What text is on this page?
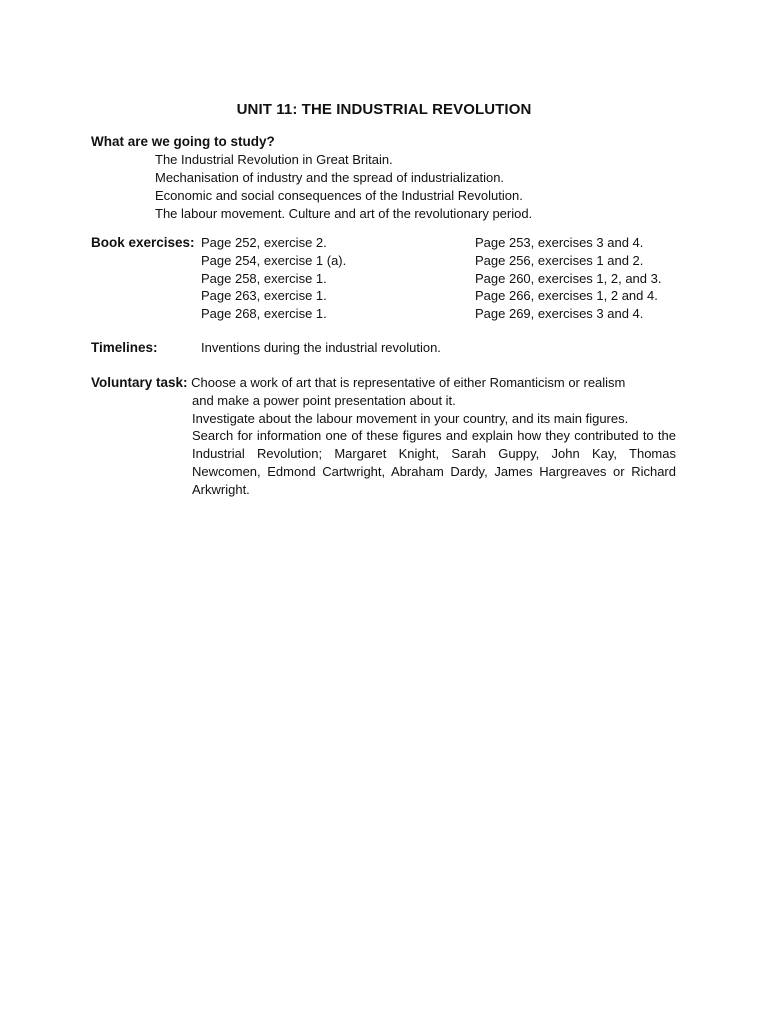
UNIT 11: THE INDUSTRIAL REVOLUTION
What are we going to study?
The Industrial Revolution in Great Britain.
Mechanisation of industry and the spread of industrialization.
Economic and social consequences of the Industrial Revolution.
The labour movement. Culture and art of the revolutionary period.
Book exercises: Page 252, exercise 2.
Page 254, exercise 1 (a).
Page 258, exercise 1.
Page 263, exercise 1.
Page 268, exercise 1.
Page 253, exercises 3 and 4.
Page 256, exercises 1 and 2.
Page 260, exercises 1, 2, and 3.
Page 266, exercises 1, 2 and 4.
Page 269, exercises 3 and 4.
Timelines:	Inventions during the industrial revolution.
Voluntary task: Choose a work of art that is representative of either Romanticism or realism
and make a power point presentation about it.
Investigate about the labour movement in your country, and its main figures.
Search for information one of these figures and explain how they contributed to the Industrial Revolution; Margaret Knight, Sarah Guppy, John Kay, Thomas Newcomen, Edmond Cartwright, Abraham Dardy, James Hargreaves or Richard Arkwright.
